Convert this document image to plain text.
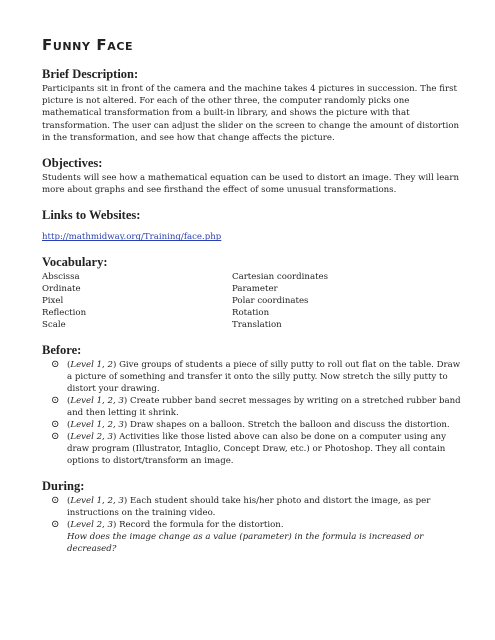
Funny Face
Brief Description:

Participants sit in front of the camera and the machine takes 4 pictures in succession. The first picture is not altered. For each of the other three, the computer randomly picks one mathematical transformation from a built-in library, and shows the picture with that transformation. The user can adjust the slider on the screen to change the amount of distortion in the transformation, and see how that change affects the picture.

Objectives:

Students will see how a mathematical equation can be used to distort an image. They will learn more about graphs and see firsthand the effect of some unusual transformations.

Links to Websites:
http://mathmidway.org/Training/face.php
Vocabulary:
Abscissa	Cartesian coordinates
Ordinate	Parameter
Pixel	Polar coordinates
Reflection	Rotation
Scale	Translation
Before:
⊙ (Level 1, 2) Give groups of students a piece of silly putty to roll out flat on the table. Draw a picture of something and transfer it onto the silly putty. Now stretch the silly putty to distort your drawing.
⊙ (Level 1, 2, 3) Create rubber band secret messages by writing on a stretched rubber band and then letting it shrink.
⊙ (Level 1, 2, 3) Draw shapes on a balloon. Stretch the balloon and discuss the distortion.
⊙ (Level 2, 3) Activities like those listed above can also be done on a computer using any draw program (Illustrator, Intaglio, Concept Draw, etc.) or Photoshop. They all contain options to distort/transform an image.
During:
⊙ (Level 1, 2, 3) Each student should take his/her photo and distort the image, as per instructions on the training video.
⊙ (Level 2, 3) Record the formula for the distortion.
How does the image change as a value (parameter) in the formula is increased or decreased?
